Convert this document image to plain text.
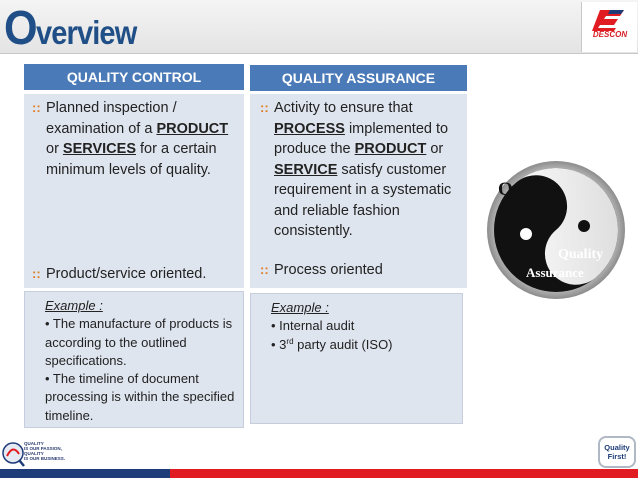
O verview	DESCON
QUALITY CONTROL	QUALITY ASSURANCE
:: Planned inspection / examination of a PRODUCT or SERVICES for a certain minimum levels of quality.
:: Product/service oriented.
:: Activity to ensure that PROCESS implemented to produce the PRODUCT or SERVICE satisfy customer requirement in a systematic and reliable fashion consistently.
:: Process oriented
Example :
• The manufacture of products is according to the outlined specifications.
• The timeline of document processing is within the specified timeline.
Example :
• Internal audit
• 3rd party audit (ISO)
Quality
Control
Quality
Assurance
QUALITY
IS OUR PASSION,
QUALITY
IS OUR BUSINESS.
Quality
First!
